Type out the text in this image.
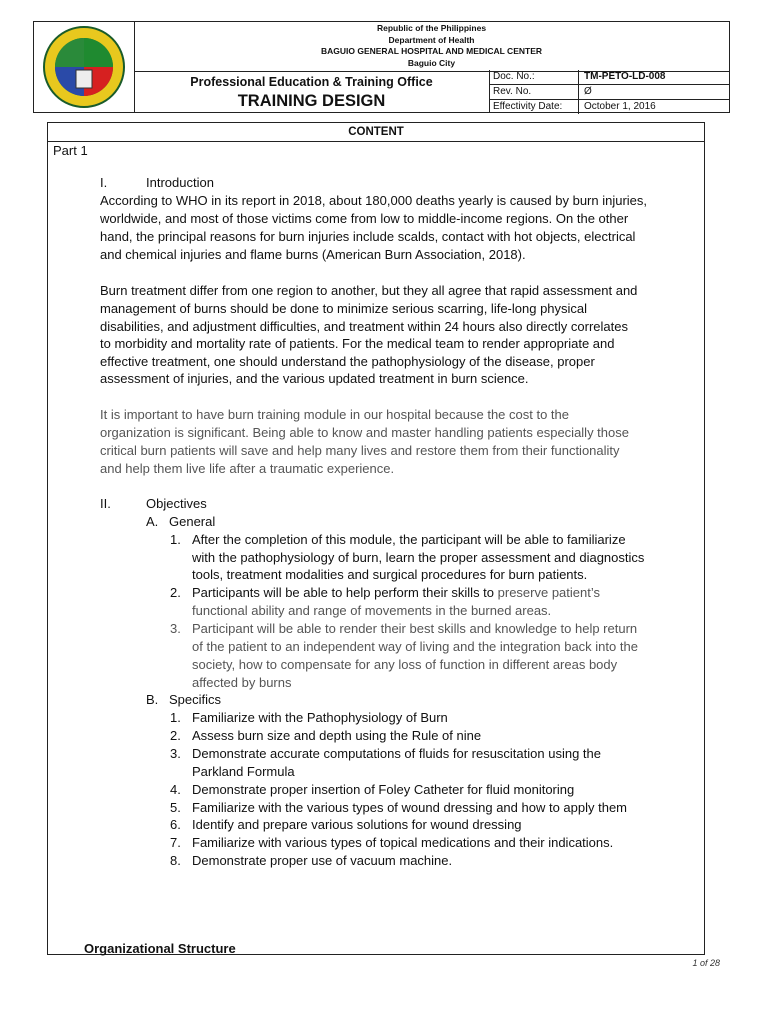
Republic of the Philippines
Department of Health
BAGUIO GENERAL HOSPITAL AND MEDICAL CENTER
Baguio City
Professional Education & Training Office
TRAINING DESIGN
Doc. No.:	TM-PETO-LD-008
Rev. No.	Ø
Effectivity Date:	October 1, 2016
CONTENT
Part 1
I.	Introduction
According to WHO in its report in 2018, about 180,000 deaths yearly is caused by burn injuries,
worldwide, and most of those victims come from low to middle-income regions. On the other
hand, the principal reasons for burn injuries include scalds, contact with hot objects, electrical
and chemical injuries and flame burns (American Burn Association, 2018).
Burn treatment differ from one region to another, but they all agree that rapid assessment and
management of burns should be done to minimize serious scarring, life-long physical
disabilities, and adjustment difficulties, and treatment within 24 hours also directly correlates
to morbidity and mortality rate of patients. For the medical team to render appropriate and
effective treatment, one should understand the pathophysiology of the disease, proper
assessment of injuries, and the various updated treatment in burn science.
It is important to have burn training module in our hospital because the cost to the
organization is significant. Being able to know and master handling patients especially those
critical burn patients will save and help many lives and restore them from their functionality
and help them live life after a traumatic experience.
II.	Objectives
A. General
1. After the completion of this module, the participant will be able to familiarize
with the pathophysiology of burn, learn the proper assessment and diagnostics
tools, treatment modalities and surgical procedures for burn patients.
2. Participants will be able to help perform their skills to preserve patient’s
functional ability and range of movements in the burned areas.
3. Participant will be able to render their best skills and knowledge to help return
of the patient to an independent way of living and the integration back into the
society, how to compensate for any loss of function in different areas body
affected by burns
B. Specifics
1. Familiarize with the Pathophysiology of Burn
2. Assess burn size and depth using the Rule of nine
3. Demonstrate accurate computations of fluids for resuscitation using the
Parkland Formula
4. Demonstrate proper insertion of Foley Catheter for fluid monitoring
5. Familiarize with the various types of wound dressing and how to apply them
6. Identify and prepare various solutions for wound dressing
7. Familiarize with various types of topical medications and their indications.
8. Demonstrate proper use of vacuum machine.
Organizational Structure
1 of 28
